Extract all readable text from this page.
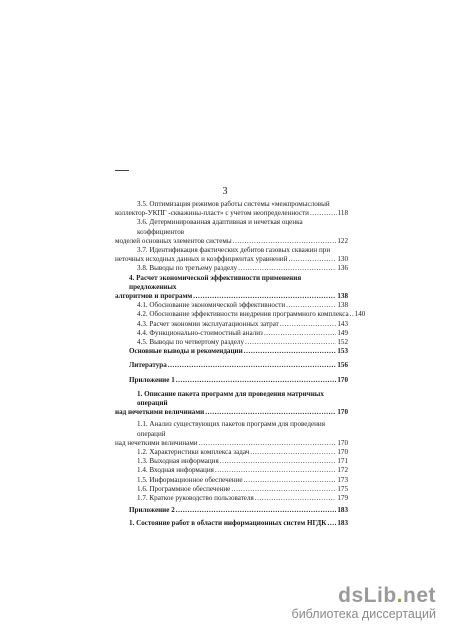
3
3.5. Оптимизация режимов работы системы «межпромысловый
коллектор-УКПГ -скважины-пласт» с учетом неопределенности .....	118
3.6. Детерминированная адаптивная и нечеткая оценка коэффициентов
моделей основных элементов системы .....	122
3.7. Идентификация фактических дебитов газовых скважин при
неточных исходных данных и коэффициентах уравнений .....	130
3.8. Выводы по третьему разделу .....	136
4. Расчет экономической эффективности применения предложенных
алгоритмов и программ .....	138
4.1. Обоснование экономической эффективности .....	138
4.2. Обоснование эффективности внедрения программного комплекса ..... 140
4.3. Расчет экономии эксплуатационных затрат .....	143
4.4. Функционально-стоимостный анализ .....	149
4.5. Выводы по четвертому разделу .....	152
Основные выводы и рекомендации .....	153
Литература .....	156
Приложение 1 .....	170
1. Описание пакета программ для проведения матричных операций
над нечеткими величинами .....	170
1.1. Анализ существующих пакетов программ для проведения операций
над нечеткими величинами .....	170
1.2. Характеристики комплекса задач .....	170
1.3. Выходная информация .....	171
1.4. Входная информация .....	172
1.5. Информационное обеспечение .....	173
1.6. Программное обеспечение .....	175
1.7. Краткое руководство пользователя .....	179
Приложение 2 .....	183
1. Состояние работ в области информационных систем НГДК ..... 183
dsLib.net
библиотека диссертаций
